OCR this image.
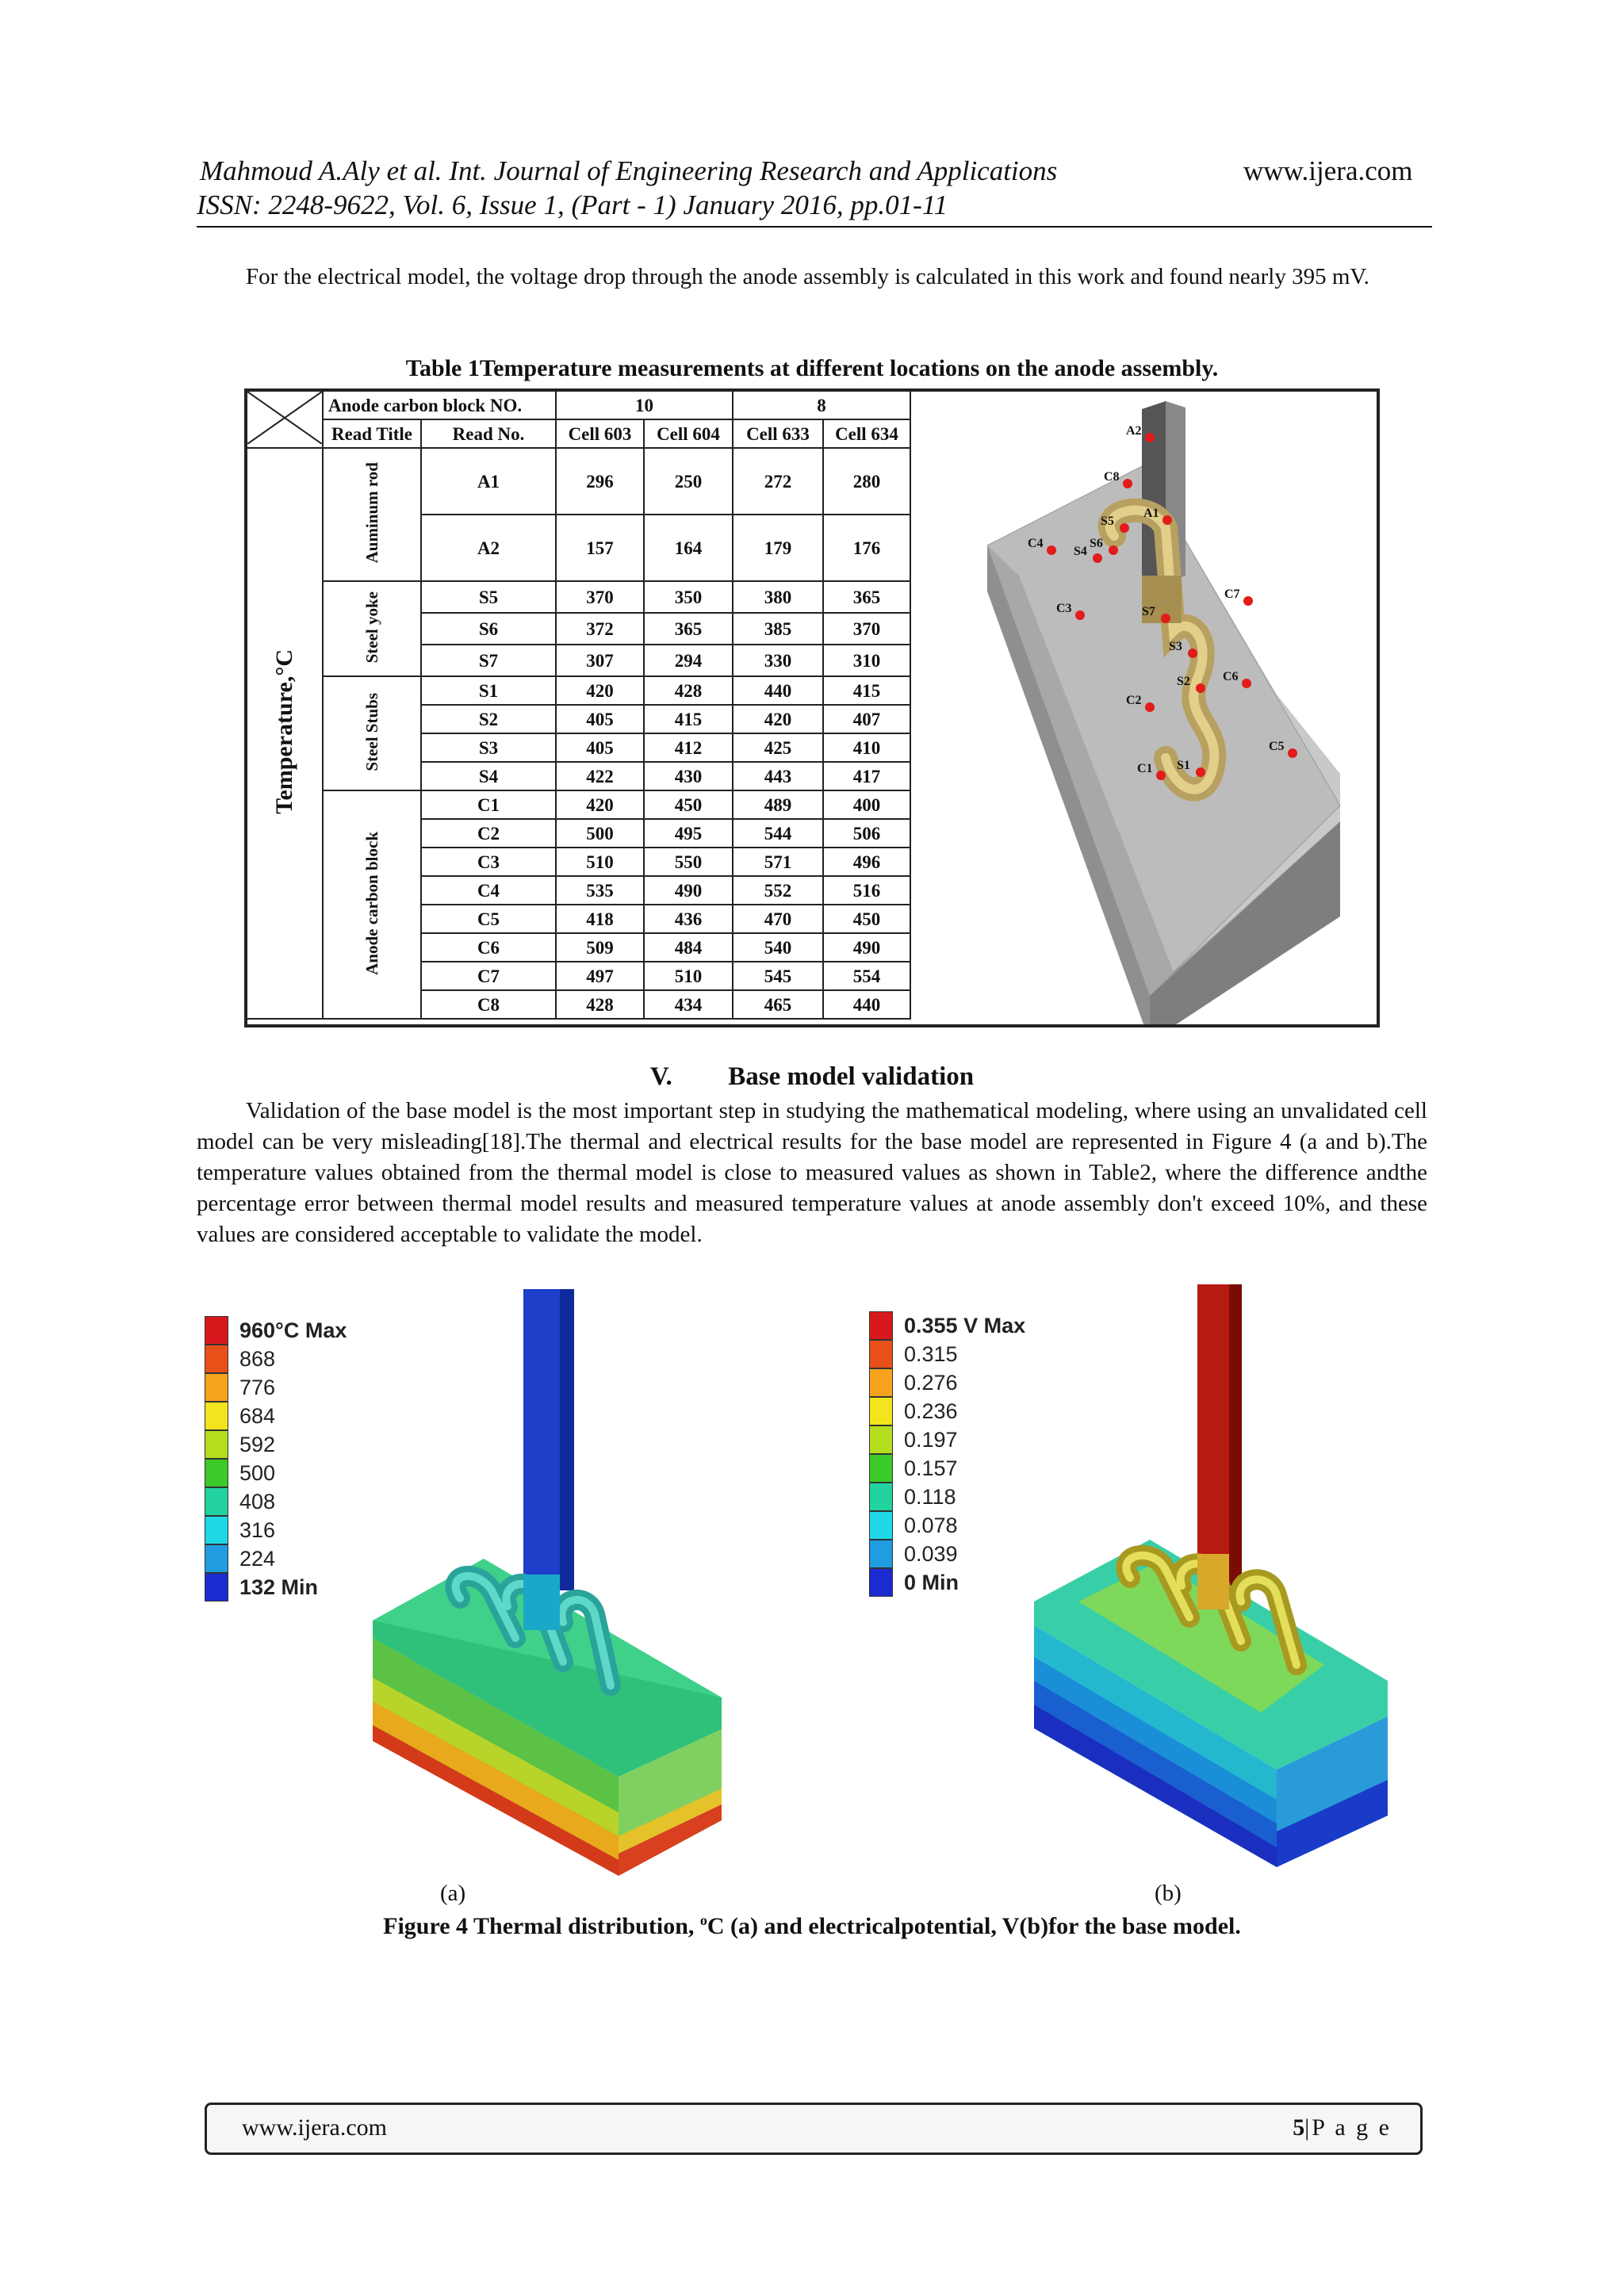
Mahmoud A.Aly et al. Int. Journal of Engineering Research and Applications	www.ijera.com
ISSN: 2248-9622, Vol. 6, Issue 1, (Part - 1) January 2016, pp.01-11
For the electrical model, the voltage drop through the anode assembly is calculated in this work and found nearly 395 mV.
Table 1Temperature measurements at different locations on the anode assembly.
	Anode carbon block NO.		10		8	
	Read Title	Read No.	Cell 603	Cell 604	Cell 633	Cell 634
Temperature,°C	Auminum rod	A1	296	250	272	280
		A2	157	164	179	176
	Steel yoke	S5	370	350	380	365
		S6	372	365	385	370
		S7	307	294	330	310
	Steel Stubs	S1	420	428	440	415
		S2	405	415	420	407
		S3	405	412	425	410
		S4	422	430	443	417
	Anode carbon block	C1	420	450	489	400
		C2	500	495	544	506
		C3	510	550	571	496
		C4	535	490	552	516
		C5	418	436	470	450
		C6	509	484	540	490
		C7	497	510	545	554
		C8	428	434	465	440
A2
A1
C8
S5
S6
C4
S4
C7
C3	S7
S3
S2	C6
C2
S1
C1
C5
V. Base model validation
Validation of the base model is the most important step in studying the mathematical modeling, where using an unvalidated cell model can be very misleading[18].The thermal and electrical results for the base model are represented in Figure 4 (a and b).The temperature values obtained from the thermal model is close to measured values as shown in Table2, where the difference andthe percentage error between thermal model results and measured temperature values at anode assembly don't exceed 10%, and these values are considered acceptable to validate the model.
960°C Max
868
776
684
592
500
408
316
224
132 Min
(a)
0.355 V Max
0.315
0.276
0.236
0.197
0.157
0.118
0.078
0.039
0 Min
(b)
Figure 4 Thermal distribution, $^o$C (a) and electricalpotential, V(b)for the base model.
www.ijera.com	5|P a g e
